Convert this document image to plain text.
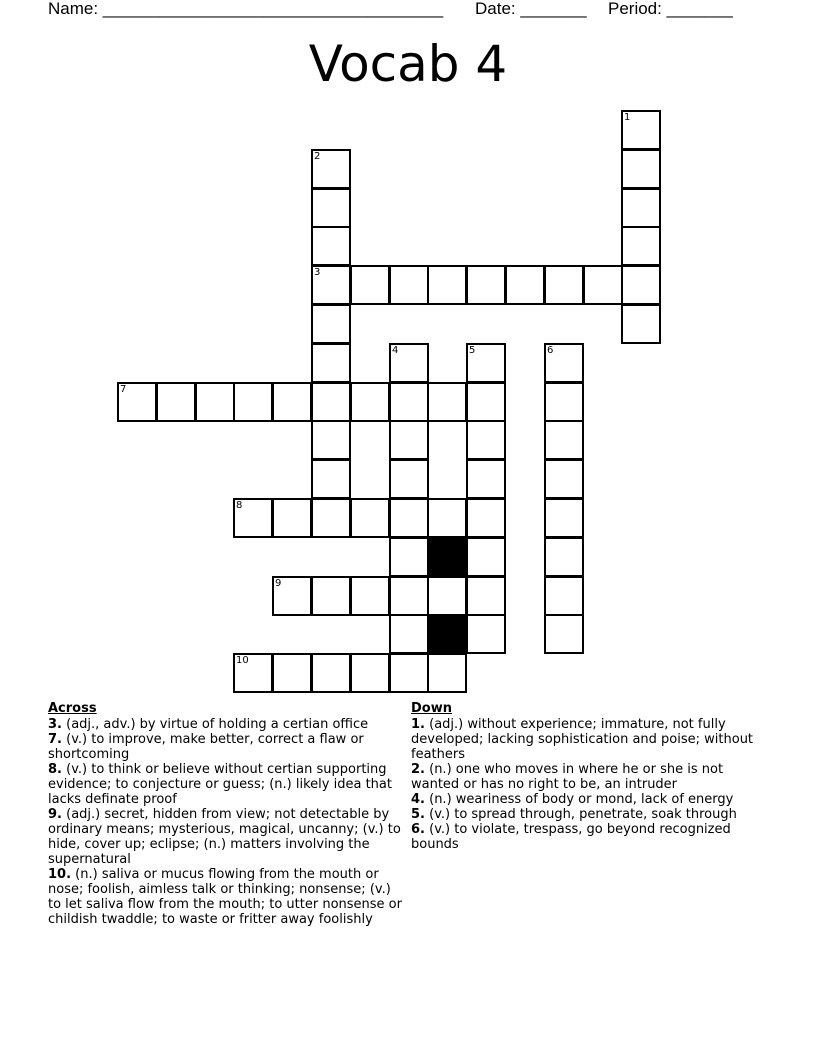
Name: ____________________________________ Date: _______ Period: _______
Vocab 4
1
2
3
4	5	6
7
8
9
10
Across

3. (adj., adv.) by virtue of holding a certian office

7. (v.) to improve, make better, correct a flaw or shortcoming

8. (v.) to think or believe without certian supporting evidence; to conjecture or guess; (n.) likely idea that lacks definate proof

9. (adj.) secret, hidden from view; not detectable by ordinary means; mysterious, magical, uncanny; (v.) to hide, cover up; eclipse; (n.) matters involving the supernatural

10. (n.) saliva or mucus flowing from the mouth or nose; foolish, aimless talk or thinking; nonsense; (v.) to let saliva flow from the mouth; to utter nonsense or childish twaddle; to waste or fritter away foolishly

Down

1. (adj.) without experience; immature, not fully developed; lacking sophistication and poise; without feathers

2. (n.) one who moves in where he or she is not wanted or has no right to be, an intruder

4. (n.) weariness of body or mond, lack of energy

5. (v.) to spread through, penetrate, soak through

6. (v.) to violate, trespass, go beyond recognized bounds
